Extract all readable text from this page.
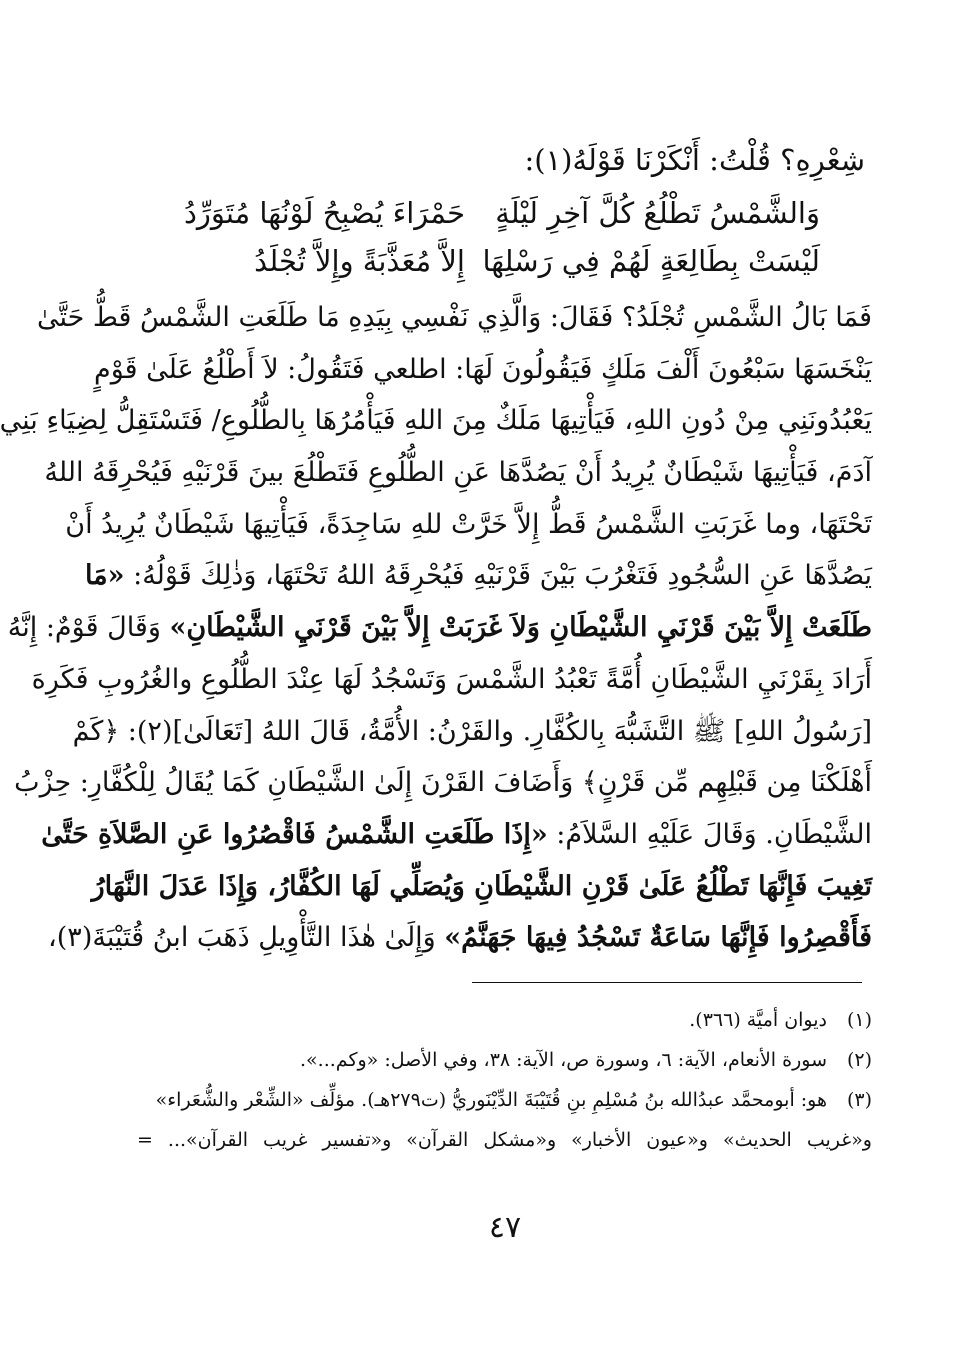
شِعْرِهِ؟ قُلْتُ: أَنْكَرْنَا قَوْلَهُ(١):
وَالشَّمْسُ تَطْلُعُ كُلَّ آخِرِ لَيْلَةٍ
حَمْرَاءَ يُصْبِحُ لَوْنُهَا مُتَوَرِّدُ
لَيْسَتْ بِطَالِعَةٍ لَهُمْ فِي رَسْلِهَا
إِلاَّ مُعَذَّبَةً وإِلاَّ تُجْلَدُ
فَمَا بَالُ الشَّمْسِ تُجْلَدُ؟ فَقَالَ: وَالَّذِي نَفْسِي بِيَدِهِ مَا طَلَعَتِ الشَّمْسُ قَطُّ حَتَّىٰ
يَنْخَسَهَا سَبْعُونَ أَلْفَ مَلَكٍ فَيَقُولُونَ لَهَا: اطلعي فَتَقُولُ: لاَ أَطْلُعُ عَلَىٰ قَوْمٍ
يَعْبُدُونَنِي مِنْ دُونِ اللهِ، فَيَأْتِيهَا مَلَكٌ مِنَ اللهِ فَيَأْمُرُهَا بِالطُّلُوعِ/ فَتَسْتَقِلُّ لِضِيَاءِ بَنِي
آدَمَ، فَيَأْتِيهَا شَيْطَانٌ يُرِيدُ أَنْ يَصُدَّهَا عَنِ الطُّلُوعِ فَتَطْلُعَ بينَ قَرْنَيْهِ فَيُحْرِقَهُ اللهُ
تَحْتَهَا، وما غَرَبَتِ الشَّمْسُ قَطُّ إِلاَّ خَرَّتْ للهِ سَاجِدَةً، فَيَأْتِيهَا شَيْطَانٌ يُرِيدُ أَنْ
يَصُدَّهَا عَنِ السُّجُودِ فَتَغْرُبَ بَيْنَ قَرْنَيْهِ فَيُحْرِقَهُ اللهُ تَحْتَهَا، وَذٰلِكَ قَوْلُهُ: «مَا
طَلَعَتْ إِلاَّ بَيْنَ قَرْنَيِ الشَّيْطَانِ وَلاَ غَرَبَتْ إِلاَّ بَيْنَ قَرْنَيِ الشَّيْطَانِ» وَقَالَ قَوْمٌ: إِنَّهُ
أَرَادَ بِقَرْنَيِ الشَّيْطَانِ أُمَّةً تَعْبُدُ الشَّمْسَ وَتَسْجُدُ لَهَا عِنْدَ الطُّلُوعِ والغُرُوبِ فَكَرِهَ
[رَسُولُ اللهِ] ﷺ التَّشَبُّهَ بِالكُفَّارِ. والقَرْنُ: الأُمَّةُ، قَالَ اللهُ [تَعَالَىٰ](٢): ﴿كَمْ
أَهْلَكْنَا مِن قَبْلِهِم مِّن قَرْنٍ﴾ وَأَضَافَ القَرْنَ إِلَىٰ الشَّيْطَانِ كَمَا يُقَالُ لِلْكُفَّارِ: حِزْبُ
الشَّيْطَانِ. وَقَالَ عَلَيْهِ السَّلاَمُ: «إِذَا طَلَعَتِ الشَّمْسُ فَاقْصُرُوا عَنِ الصَّلاَةِ حَتَّىٰ
تَغِيبَ فَإِنَّهَا تَطْلُعُ عَلَىٰ قَرْنِ الشَّيْطَانِ وَيُصَلِّي لَهَا الكُفَّارُ، وَإِذَا عَدَلَ النَّهَارُ
فَأَقْصِرُوا فَإِنَّهَا سَاعَةٌ تَسْجُدُ فِيهَا جَهَنَّمُ» وَإِلَىٰ هٰذَا التَّأْوِيلِ ذَهَبَ ابنُ قُتَيْبَةَ(٣)،
(١)
ديوان أميَّة (٣٦٦).
(٢)
سورة الأنعام، الآية: ٦، وسورة ص، الآية: ٣٨، وفي الأصل: «وكم...».
(٣)
هو: أبومحمَّد عبدُالله بنُ مُسْلِمِ بنِ قُتَيْبَةَ الدِّيْنَوريُّ (ت٢٧٩هـ). مؤلِّف «الشِّعْر والشُّعَراء»
و«غريب الحديث» و«عيون الأخبار» و«مشكل القرآن» و«تفسير غريب القرآن»... =
٤٧
